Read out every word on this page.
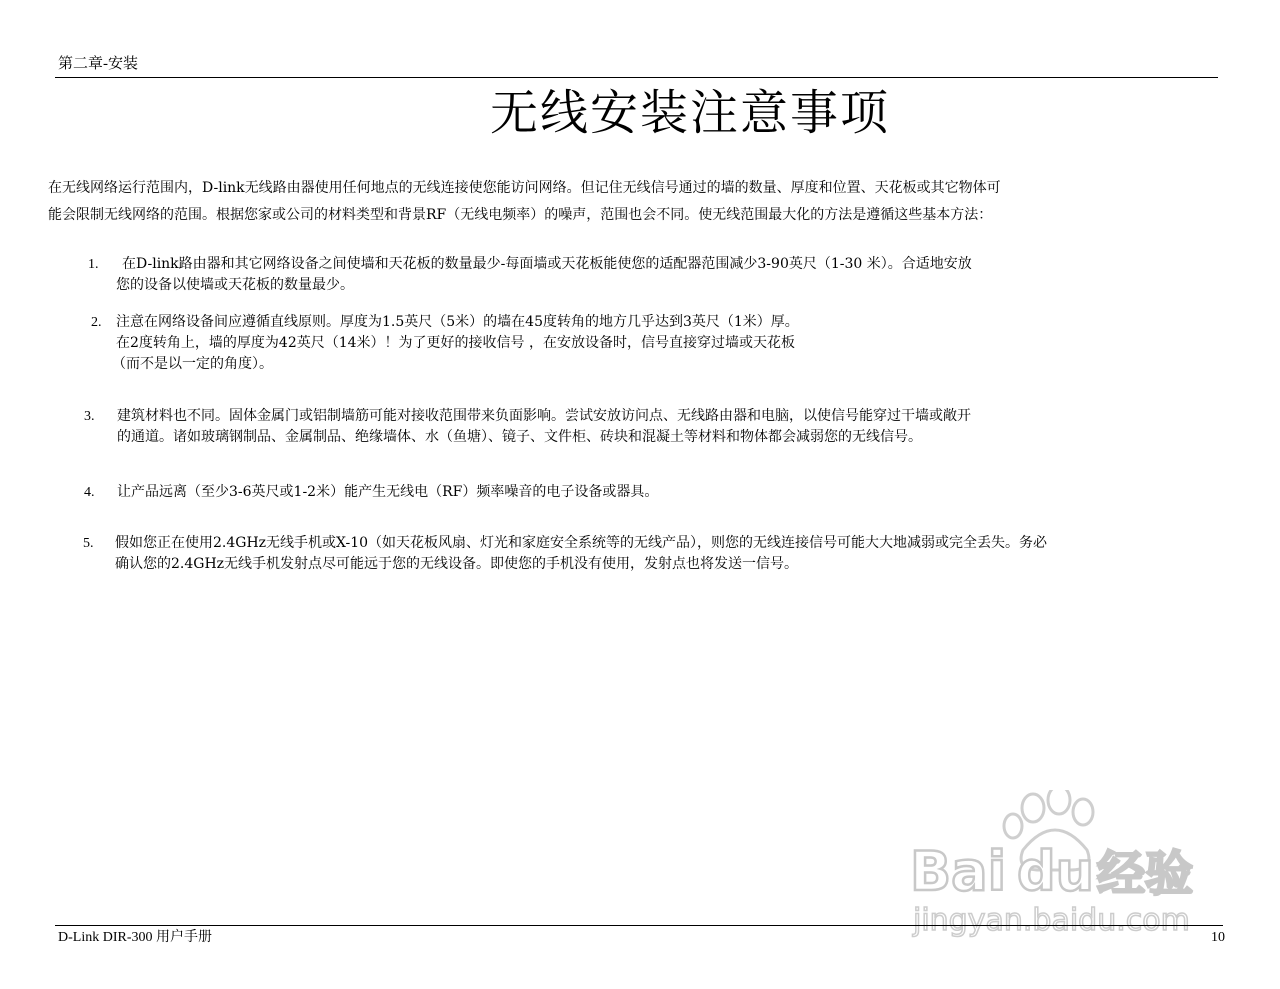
第二章-安装
无线安装注意事项
在无线网络运行范围内，D-link无线路由器使用任何地点的无线连接使您能访问网络。但记住无线信号通过的墙的数量、厚度和位置、天花板或其它物体可
能会限制无线网络的范围。根据您家或公司的材料类型和背景RF（无线电频率）的噪声，范围也会不同。使无线范围最大化的方法是遵循这些基本方法：
1.	在D-link路由器和其它网络设备之间使墙和天花板的数量最少-每面墙或天花板能使您的适配器范围减少3-90英尺（1-30 米）。合适地安放
您的设备以使墙或天花板的数量最少。
2. 注意在网络设备间应遵循直线原则。厚度为1.5英尺（5米）的墙在45度转角的地方几乎达到3英尺（1米）厚。
在2度转角上，墙的厚度为42英尺（14米）！为了更好的接收信号 ，在安放设备时，信号直接穿过墙或天花板
（而不是以一定的角度）。
3. 建筑材料也不同。固体金属门或铝制墙筋可能对接收范围带来负面影响。尝试安放访问点、无线路由器和电脑，以使信号能穿过干墙或敞开
的通道。诸如玻璃钢制品、金属制品、绝缘墙体、水（鱼塘）、镜子、文件柜、砖块和混凝土等材料和物体都会减弱您的无线信号。
4. 让产品远离（至少3-6英尺或1-2米）能产生无线电（RF）频率噪音的电子设备或器具。
5. 假如您正在使用2.4GHz无线手机或X-10（如天花板风扇、灯光和家庭安全系统等的无线产品），则您的无线连接信号可能大大地减弱或完全丢失。务必
确认您的2.4GHz无线手机发射点尽可能远于您的无线设备。即使您的手机没有使用，发射点也将发送一信号。
Bai du 经验
jingyan.baidu.com
D-Link DIR-300 用户手册	10
